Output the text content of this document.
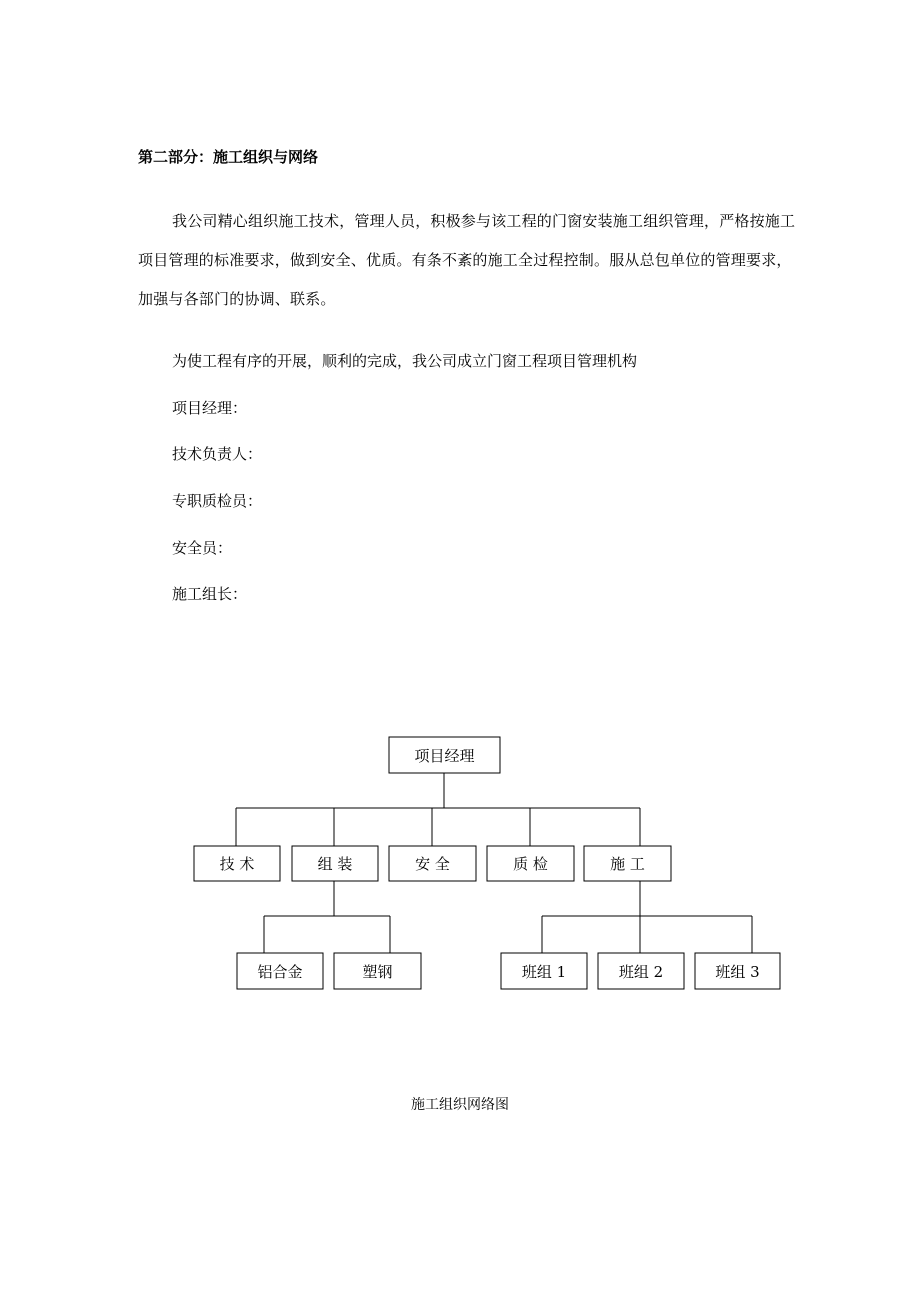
第二部分：施工组织与网络

我公司精心组织施工技术，管理人员，积极参与该工程的门窗安装施工组织管理，严格按施工项目管理的标准要求，做到安全、优质。有条不紊的施工全过程控制。服从总包单位的管理要求，加强与各部门的协调、联系。

为使工程有序的开展，顺利的完成，我公司成立门窗工程项目管理机构
项目经理：
技术负责人：
专职质检员：
安全员：
施工组长：
项目经理
技 术	组 装	安 全	质 检	施 工
铝合金	塑钢	班组 1	班组 2	班组 3
施工组织网络图
